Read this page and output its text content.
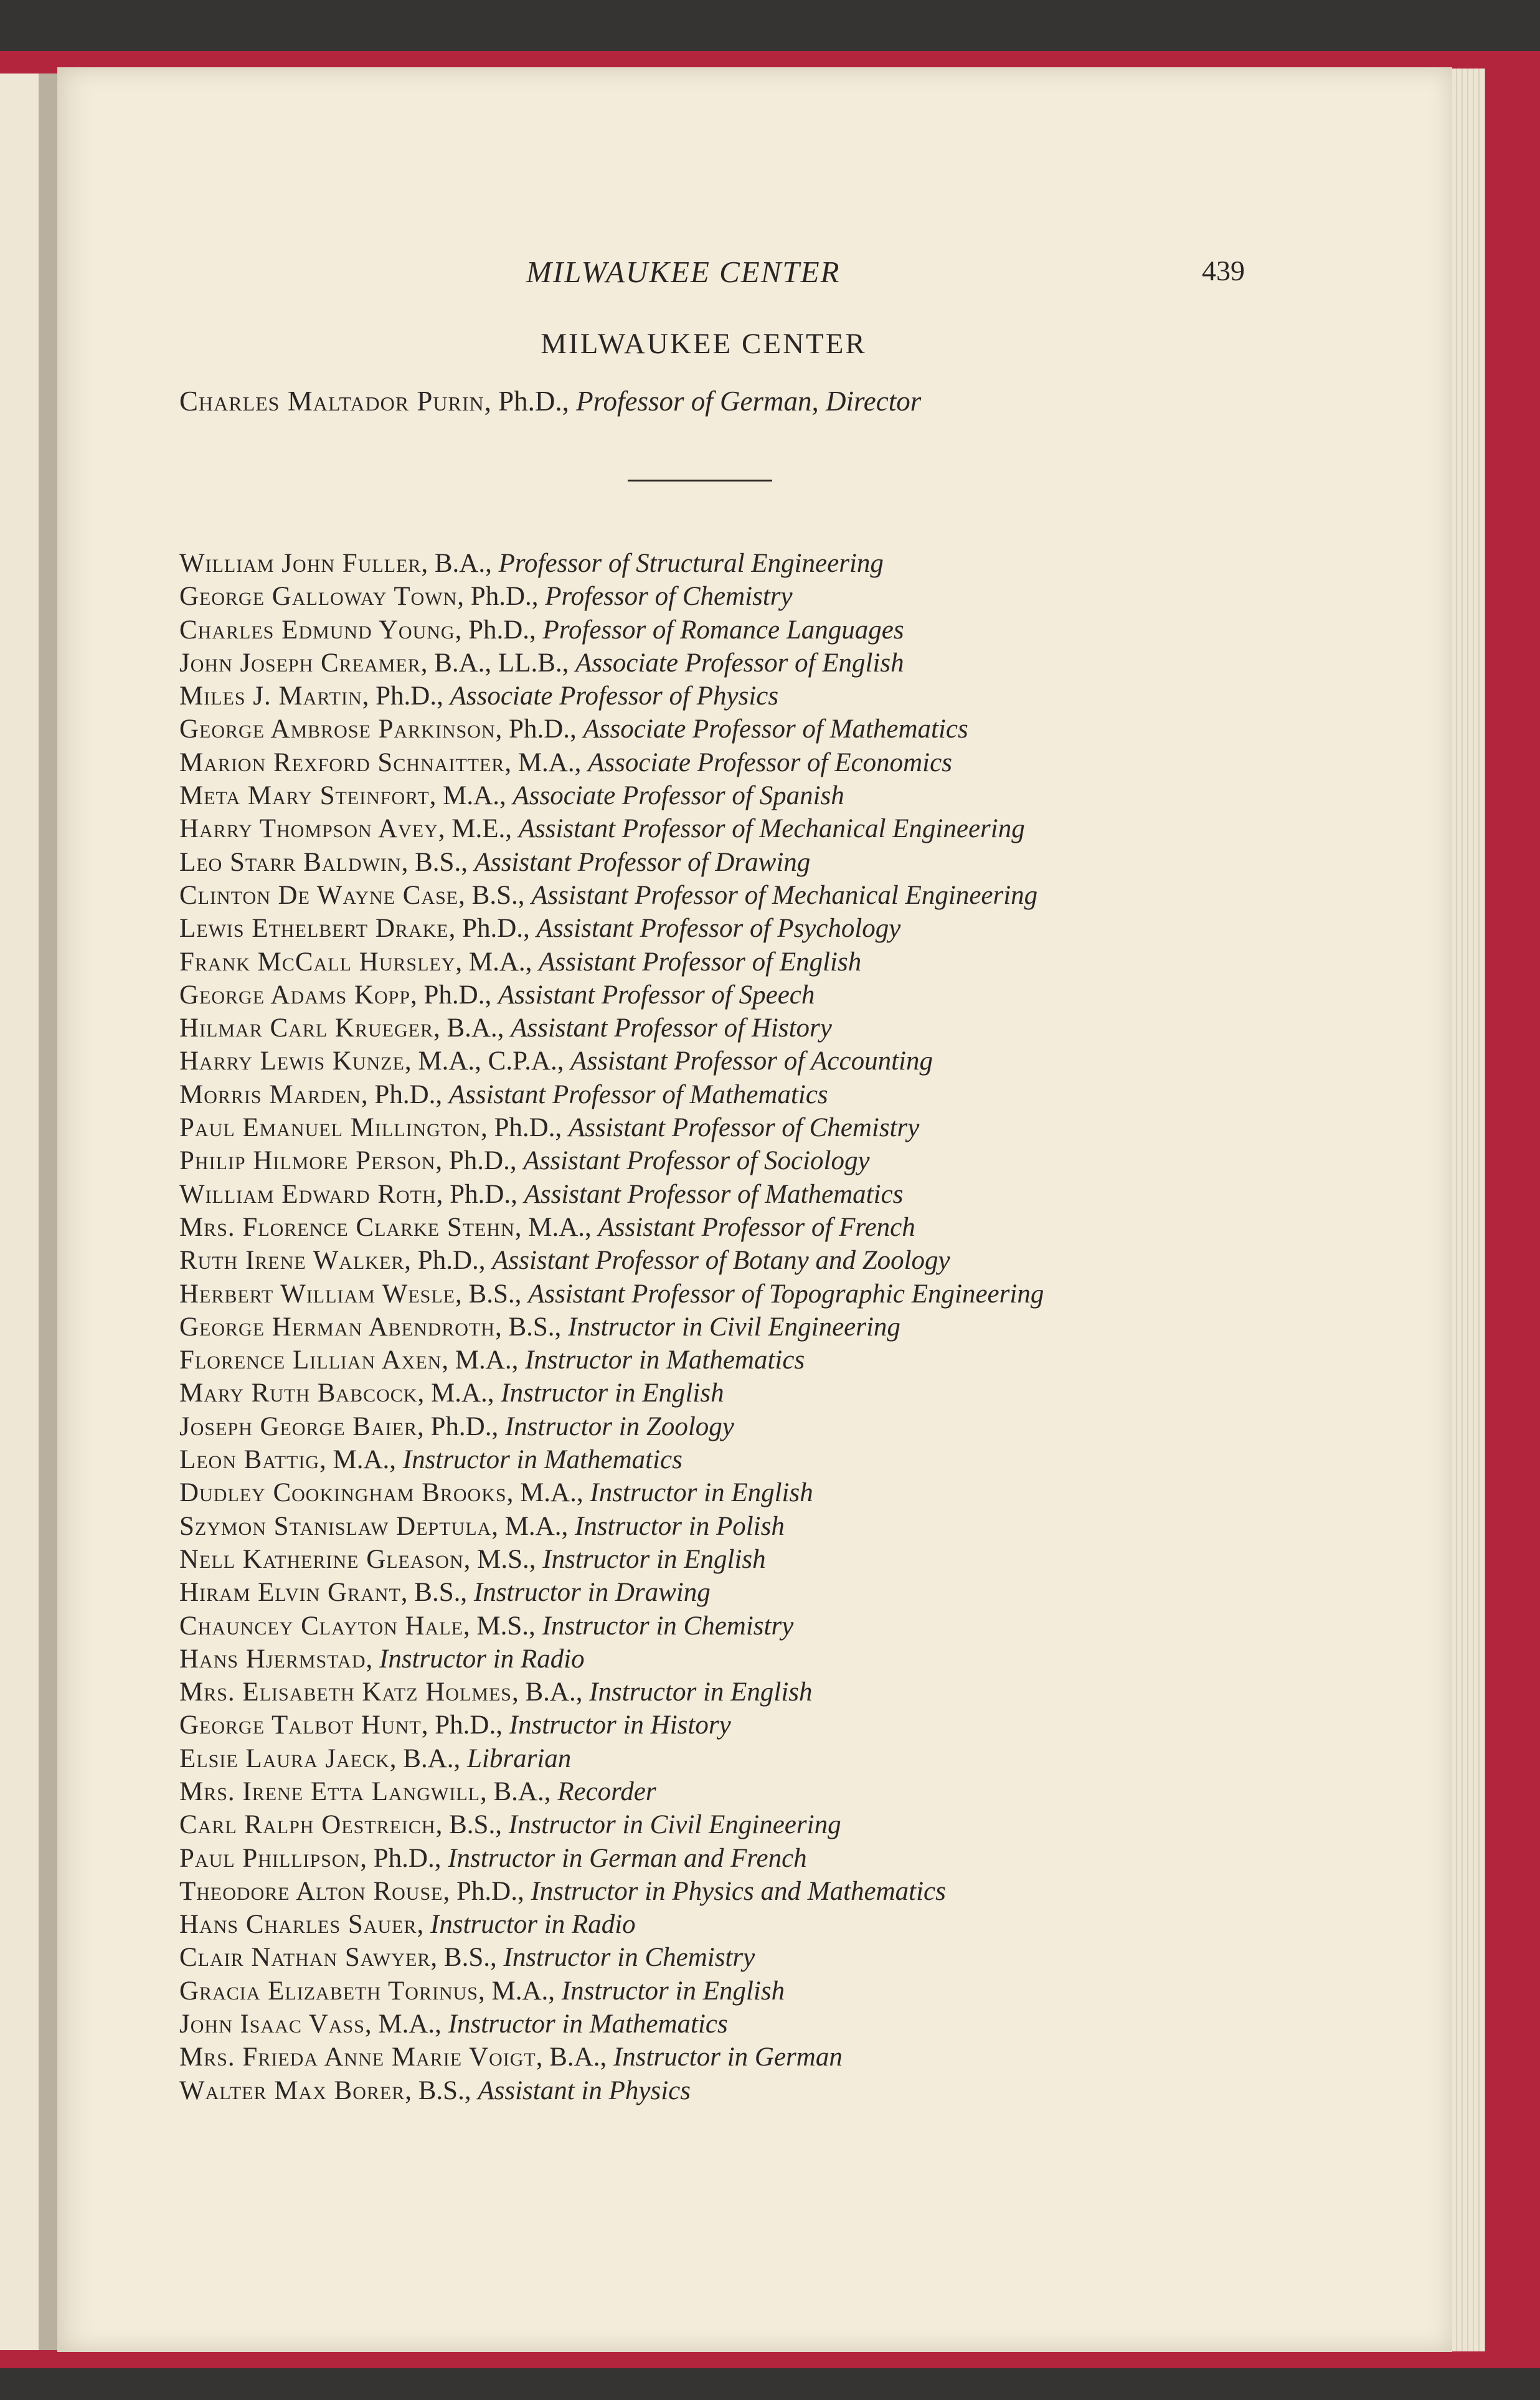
MILWAUKEE CENTER	439
MILWAUKEE CENTER
Charles Maltador Purin, Ph.D., Professor of German, Director
William John Fuller, B.A., Professor of Structural Engineering
George Galloway Town, Ph.D., Professor of Chemistry
Charles Edmund Young, Ph.D., Professor of Romance Languages
John Joseph Creamer, B.A., LL.B., Associate Professor of English
Miles J. Martin, Ph.D., Associate Professor of Physics
George Ambrose Parkinson, Ph.D., Associate Professor of Mathematics
Marion Rexford Schnaitter, M.A., Associate Professor of Economics
Meta Mary Steinfort, M.A., Associate Professor of Spanish
Harry Thompson Avey, M.E., Assistant Professor of Mechanical Engineering
Leo Starr Baldwin, B.S., Assistant Professor of Drawing
Clinton De Wayne Case, B.S., Assistant Professor of Mechanical Engineering
Lewis Ethelbert Drake, Ph.D., Assistant Professor of Psychology
Frank McCall Hursley, M.A., Assistant Professor of English
George Adams Kopp, Ph.D., Assistant Professor of Speech
Hilmar Carl Krueger, B.A., Assistant Professor of History
Harry Lewis Kunze, M.A., C.P.A., Assistant Professor of Accounting
Morris Marden, Ph.D., Assistant Professor of Mathematics
Paul Emanuel Millington, Ph.D., Assistant Professor of Chemistry
Philip Hilmore Person, Ph.D., Assistant Professor of Sociology
William Edward Roth, Ph.D., Assistant Professor of Mathematics
Mrs. Florence Clarke Stehn, M.A., Assistant Professor of French
Ruth Irene Walker, Ph.D., Assistant Professor of Botany and Zoology
Herbert William Wesle, B.S., Assistant Professor of Topographic Engineering
George Herman Abendroth, B.S., Instructor in Civil Engineering
Florence Lillian Axen, M.A., Instructor in Mathematics
Mary Ruth Babcock, M.A., Instructor in English
Joseph George Baier, Ph.D., Instructor in Zoology
Leon Battig, M.A., Instructor in Mathematics
Dudley Cookingham Brooks, M.A., Instructor in English
Szymon Stanislaw Deptula, M.A., Instructor in Polish
Nell Katherine Gleason, M.S., Instructor in English
Hiram Elvin Grant, B.S., Instructor in Drawing
Chauncey Clayton Hale, M.S., Instructor in Chemistry
Hans Hjermstad, Instructor in Radio
Mrs. Elisabeth Katz Holmes, B.A., Instructor in English
George Talbot Hunt, Ph.D., Instructor in History
Elsie Laura Jaeck, B.A., Librarian
Mrs. Irene Etta Langwill, B.A., Recorder
Carl Ralph Oestreich, B.S., Instructor in Civil Engineering
Paul Phillipson, Ph.D., Instructor in German and French
Theodore Alton Rouse, Ph.D., Instructor in Physics and Mathematics
Hans Charles Sauer, Instructor in Radio
Clair Nathan Sawyer, B.S., Instructor in Chemistry
Gracia Elizabeth Torinus, M.A., Instructor in English
John Isaac Vass, M.A., Instructor in Mathematics
Mrs. Frieda Anne Marie Voigt, B.A., Instructor in German
Walter Max Borer, B.S., Assistant in Physics
